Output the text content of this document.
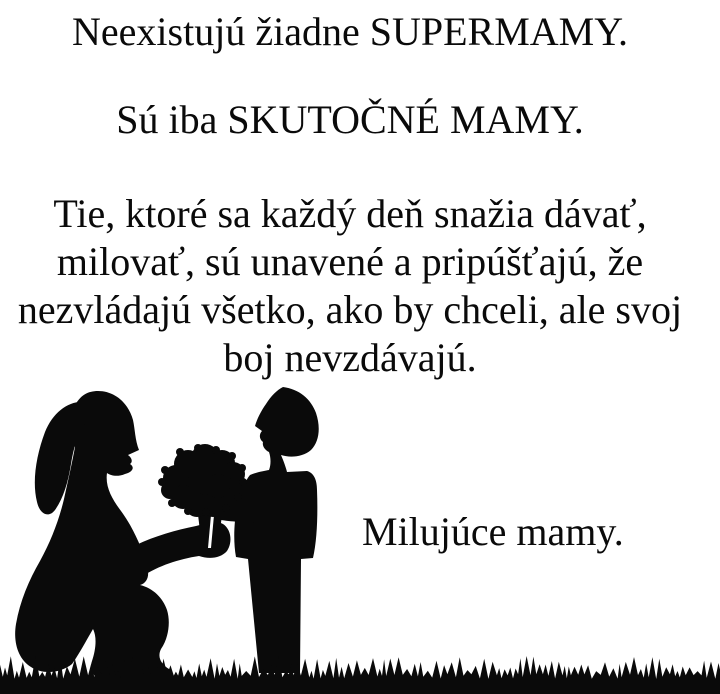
Neexistujú žiadne SUPERMAMY.
Sú iba SKUTOČNÉ MAMY.
Tie, ktoré sa každý deň snažia dávať,
milovať, sú unavené a pripúšťajú, že
nezvládajú všetko, ako by chceli, ale svoj
boj nevzdávajú.
Milujúce mamy.
